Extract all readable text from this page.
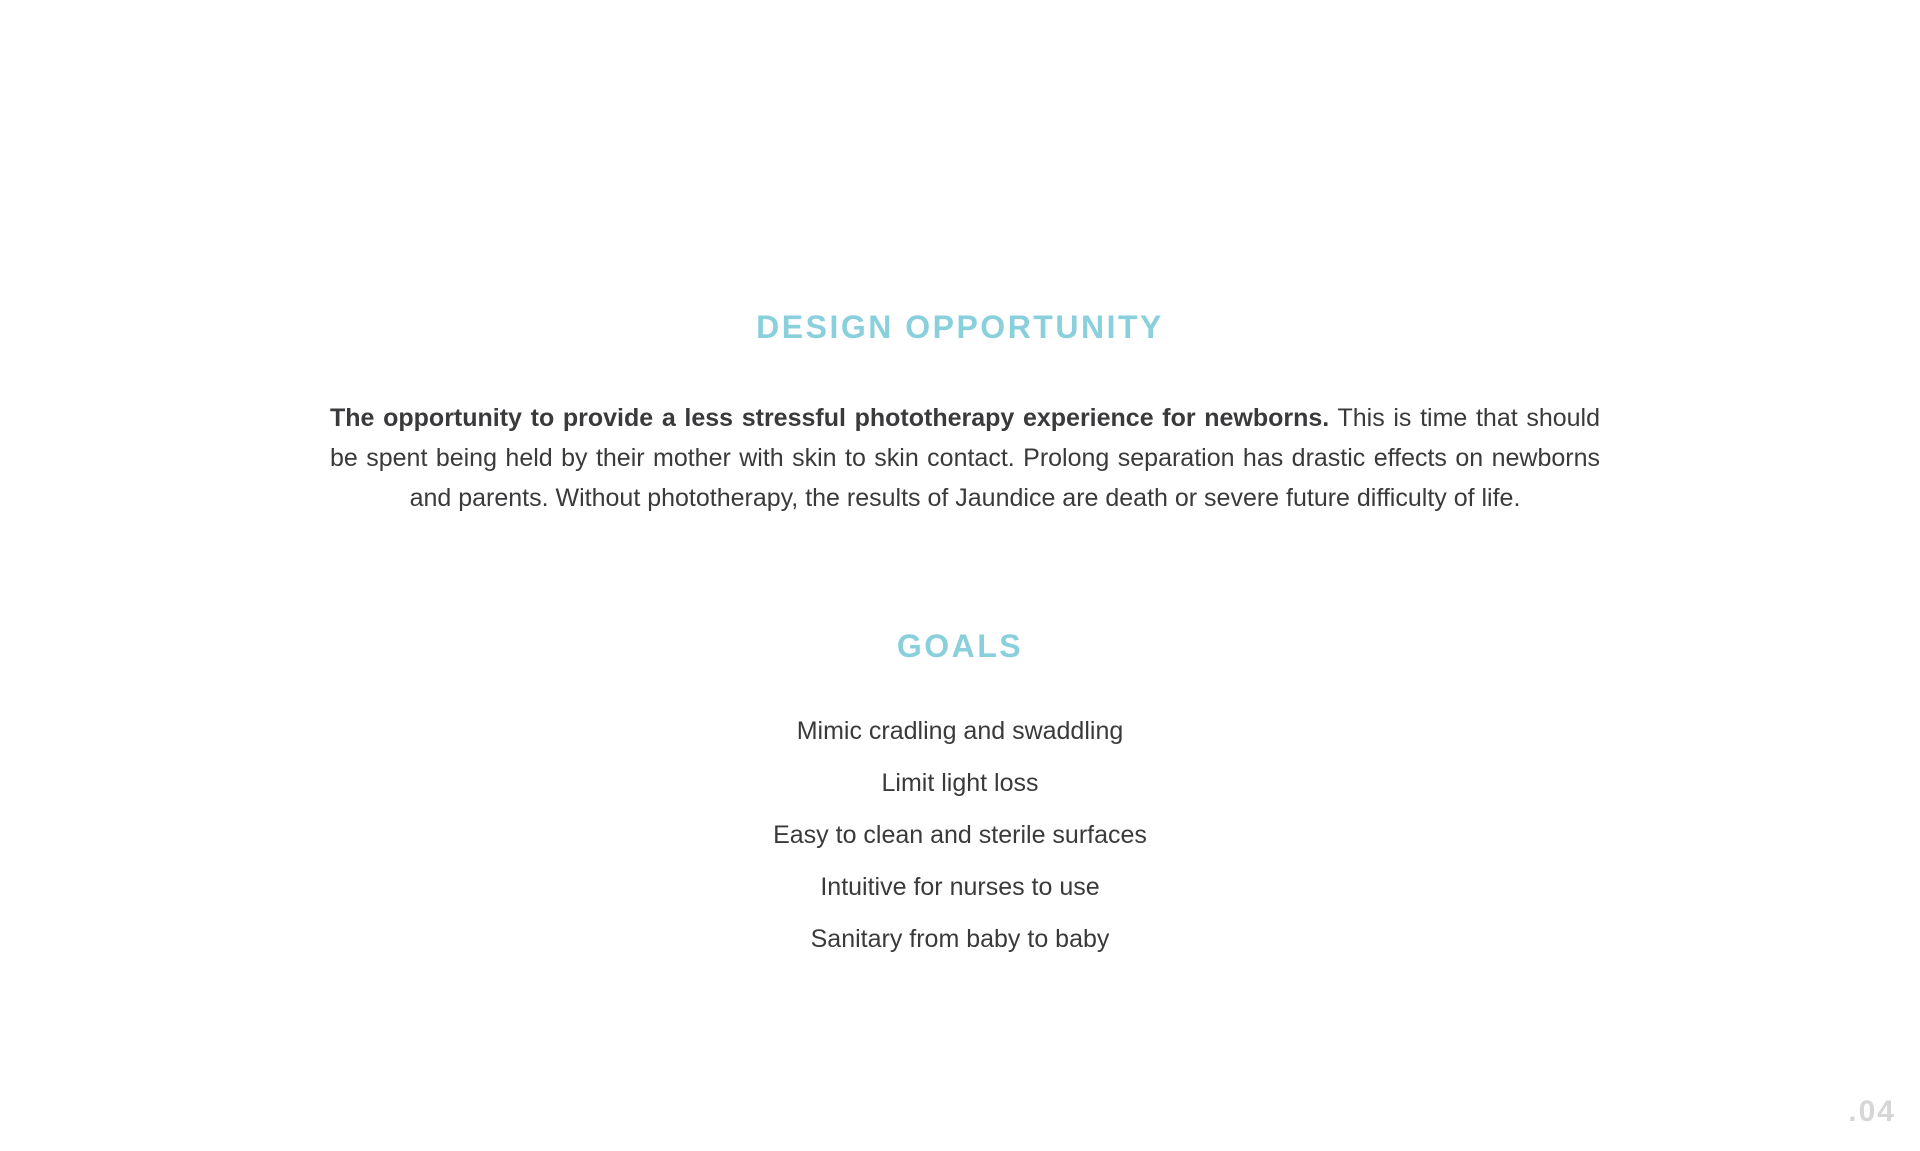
DESIGN OPPORTUNITY

The opportunity to provide a less stressful phototherapy experience for newborns. This is time that should be spent being held by their mother with skin to skin contact. Prolong separation has drastic effects on newborns and parents. Without phototherapy, the results of Jaundice are death or severe future difficulty of life.

GOALS
Mimic cradling and swaddling
Limit light loss
Easy to clean and sterile surfaces
Intuitive for nurses to use
Sanitary from baby to baby
.04
